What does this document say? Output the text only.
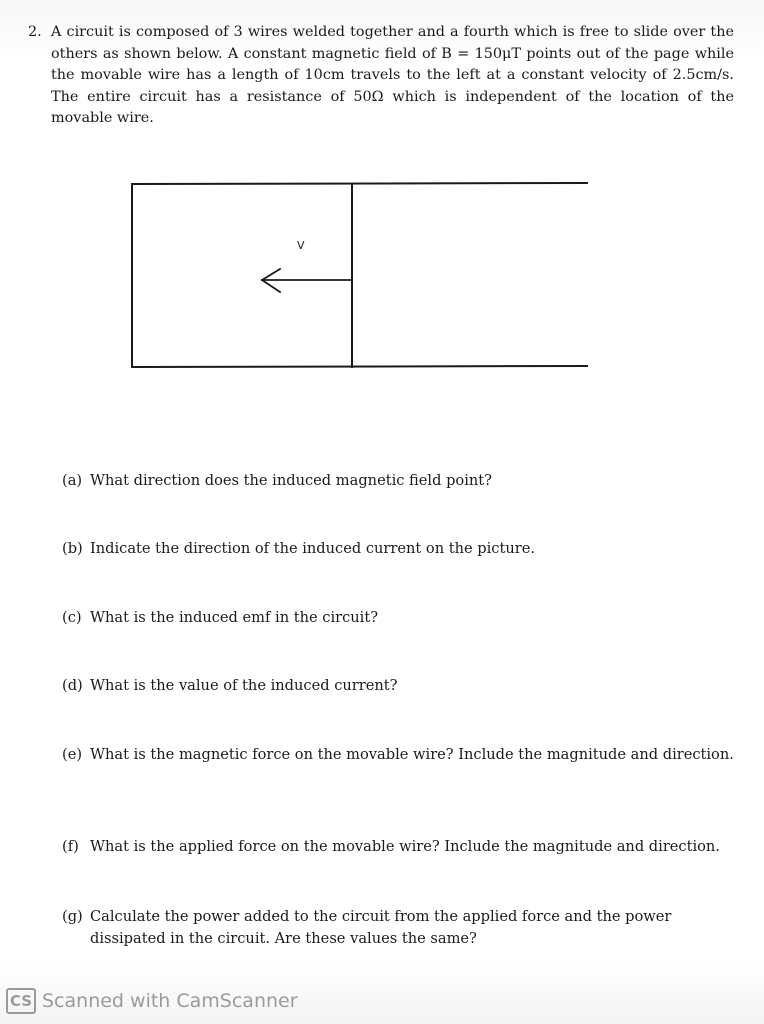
2. A circuit is composed of 3 wires welded together and a fourth which is free to slide over the others as shown below. A constant magnetic field of B = 150μT points out of the page while the movable wire has a length of 10cm travels to the left at a constant velocity of 2.5cm/s. The entire circuit has a resistance of 50Ω which is independent of the location of the movable wire.
V
(a) What direction does the induced magnetic field point?
(b) Indicate the direction of the induced current on the picture.
(c) What is the induced emf in the circuit?
(d) What is the value of the induced current?
(e) What is the magnetic force on the movable wire? Include the magnitude and direction.
(f) What is the applied force on the movable wire? Include the magnitude and direction.
(g) Calculate the power added to the circuit from the applied force and the power dissipated in the circuit. Are these values the same?
CS Scanned with CamScanner
